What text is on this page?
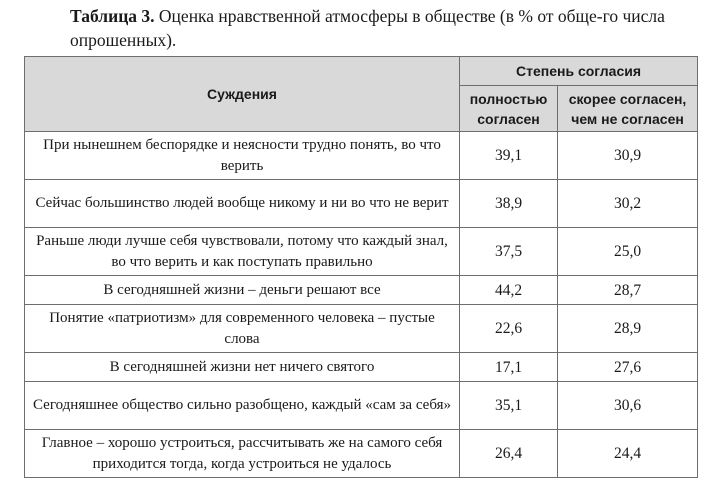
Таблица 3. Оценка нравственной атмосферы в обществе (в % от обще-го числа опрошенных).
Суждения	Степень согласия	
	полностью согласен	скорее согласен, чем не согласен
При нынешнем беспорядке и неясности трудно понять, во что верить	39,1	30,9
Сейчас большинство людей вообще никому и ни во что не верит	38,9	30,2
Раньше люди лучше себя чувствовали, потому что каждый знал, во что верить и как поступать правильно	37,5	25,0
В сегодняшней жизни – деньги решают все	44,2	28,7
Понятие «патриотизм» для современного человека – пустые слова	22,6	28,9
В сегодняшней жизни нет ничего святого	17,1	27,6
Сегодняшнее общество сильно разобщено, каждый «сам за себя»	35,1	30,6
Главное – хорошо устроиться, рассчитывать же на самого себя приходится тогда, когда устроиться не удалось	26,4	24,4
